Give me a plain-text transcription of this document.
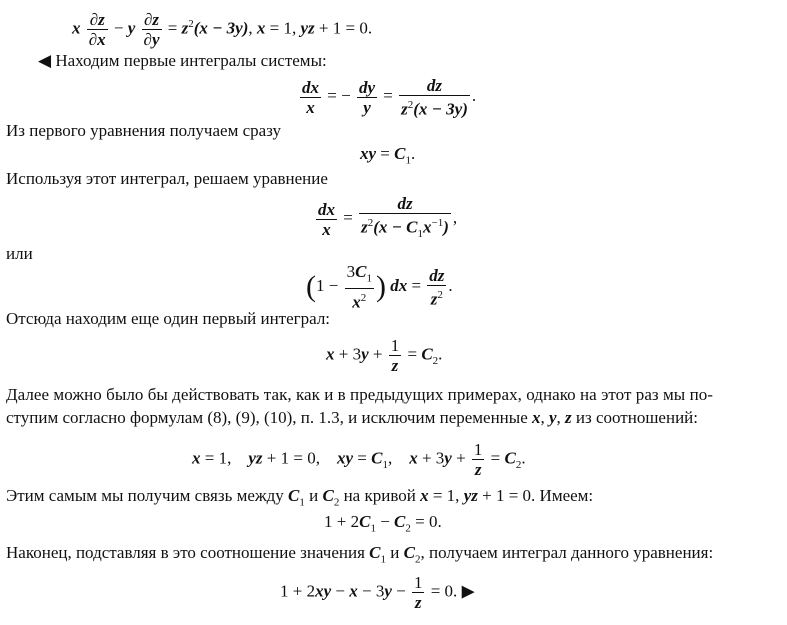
x $\frac{\partial z}{\partial x} - y \frac{\partial z}{\partial y} = z^2(x - 3y)$, x = 1, yz + 1 = 0.
◀ Находим первые интегралы системы:
$\frac{dx}{x}$ = − $\frac{dy}{y} = \frac{dz}{z^2(x - 3y)}$ .
Из первого уравнения получаем сразу
xy = $C_1$.
Используя этот интеграл, решаем уравнение
$\frac{dx}{x} = \frac{dz}{z^2(x - C_1x^{-1})}$ ,
или
($1 - \frac{3C_1}{x^2}$ ) dx = $\frac{dz}{z^2}$ .
Отсюда находим еще один первый интеграл:
$x + 3y + \frac{1}{z} = C_2$.
Далее можно было бы действовать так, как и в предыдущих примерах, однако на этот раз мы по-
ступим согласно формулам (8), (9), (10), п. 1.3, и исключим переменные x, y, z из соотношений:
x = 1,    yz + 1 = 0,    xy = $C_1$,    $x + 3y + \frac{1}{z} = C_2$.
Этим самым мы получим связь между $C_1$ и $C_2$ на кривой x = 1, yz + 1 = 0. Имеем:
$1 + 2C_1 - C_2 = 0$.
Наконец, подставляя в это соотношение значения $C_1$ и $C_2$, получаем интеграл данного уравнения:
$1 + 2xy - x - 3y - \frac{1}{z} = 0$. ▶
